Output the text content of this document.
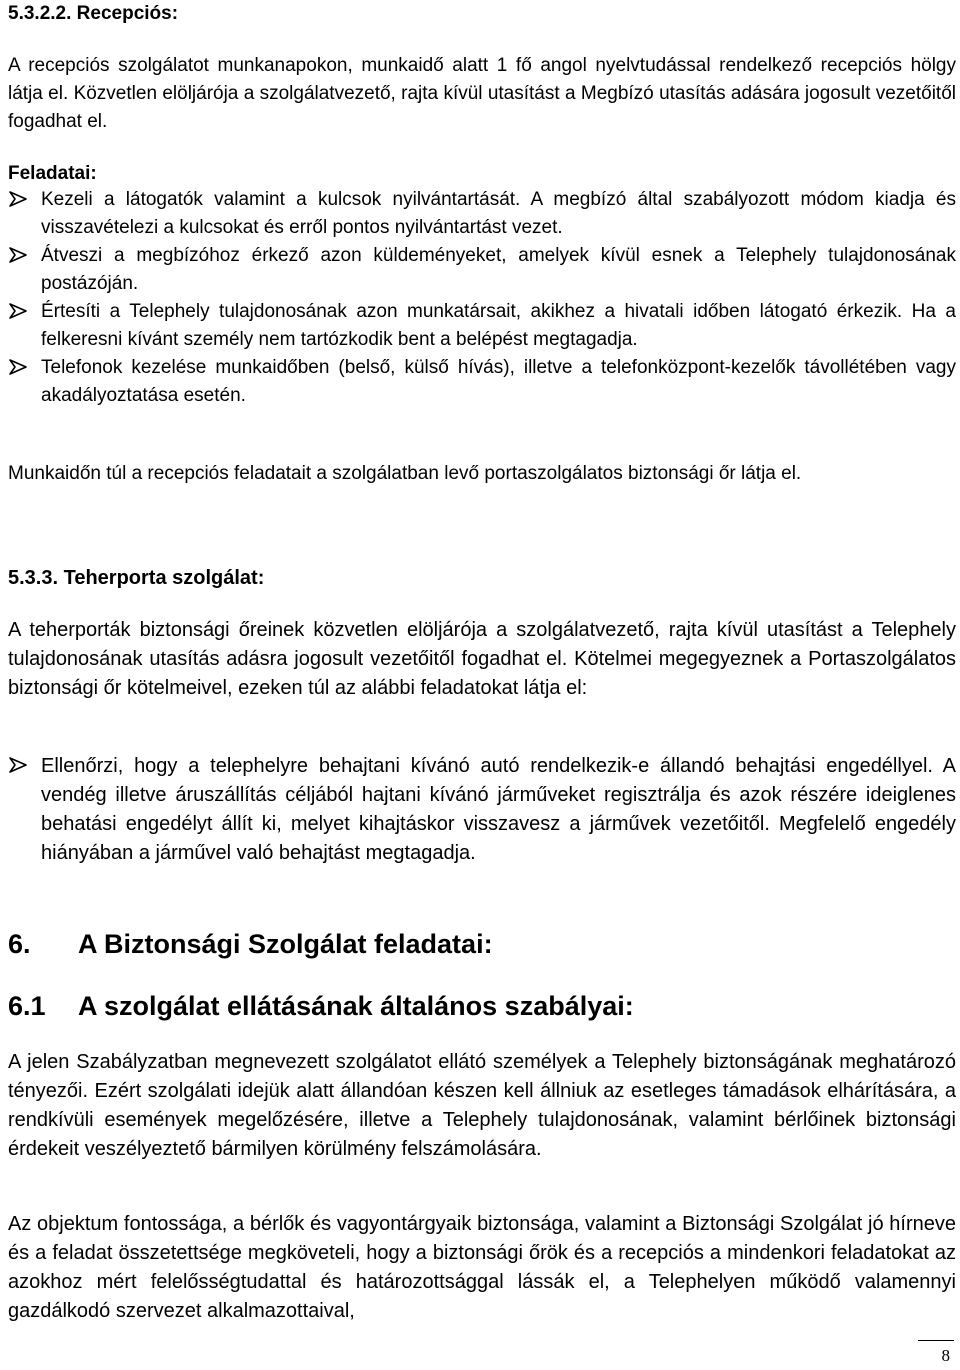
5.3.2.2. Recepciós:

A recepciós szolgálatot munkanapokon, munkaidő alatt 1 fő angol nyelvtudással rendelkező recepciós hölgy látja el. Közvetlen elöljárója a szolgálatvezető, rajta kívül utasítást a Megbízó utasítás adására jogosult vezetőitől fogadhat el.

Feladatai:

Kezeli a látogatók valamint a kulcsok nyilvántartását. A megbízó által szabályozott módom kiadja és visszavételezi a kulcsokat és erről pontos nyilvántartást vezet.
Átveszi a megbízóhoz érkező azon küldeményeket, amelyek kívül esnek a Telephely tulajdonosának postázóján.
Értesíti a Telephely tulajdonosának azon munkatársait, akikhez a hivatali időben látogató érkezik. Ha a felkeresni kívánt személy nem tartózkodik bent a belépést megtagadja.
Telefonok kezelése munkaidőben (belső, külső hívás), illetve a telefonközpont-kezelők távollétében vagy akadályoztatása esetén.

Munkaidőn túl a recepciós feladatait a szolgálatban levő portaszolgálatos biztonsági őr látja el.

5.3.3. Teherporta szolgálat:

A teherporták biztonsági őreinek közvetlen elöljárója a szolgálatvezető, rajta kívül utasítást a Telephely tulajdonosának utasítás adásra jogosult vezetőitől fogadhat el. Kötelmei megegyeznek a Portaszolgálatos biztonsági őr kötelmeivel, ezeken túl az alábbi feladatokat látja el:

Ellenőrzi, hogy a telephelyre behajtani kívánó autó rendelkezik-e állandó behajtási engedéllyel. A vendég illetve áruszállítás céljából hajtani kívánó járműveket regisztrálja és azok részére ideiglenes behatási engedélyt állít ki, melyet kihajtáskor visszavesz a járművek vezetőitől. Megfelelő engedély hiányában a járművel való behajtást megtagadja.
6. A Biztonsági Szolgálat feladatai:
6.1 A szolgálat ellátásának általános szabályai:

A jelen Szabályzatban megnevezett szolgálatot ellátó személyek a Telephely biztonságának meghatározó tényezői. Ezért szolgálati idejük alatt állandóan készen kell állniuk az esetleges támadások elhárítására, a rendkívüli események megelőzésére, illetve a Telephely tulajdonosának, valamint bérlőinek biztonsági érdekeit veszélyeztető bármilyen körülmény felszámolására.

Az objektum fontossága, a bérlők és vagyontárgyaik biztonsága, valamint a Biztonsági Szolgálat jó hírneve és a feladat összetettsége megköveteli, hogy a biztonsági őrök és a recepciós a mindenkori feladatokat az azokhoz mért felelősségtudattal és határozottsággal lássák el, a Telephelyen működő valamennyi gazdálkodó szervezet alkalmazottaival,

8
